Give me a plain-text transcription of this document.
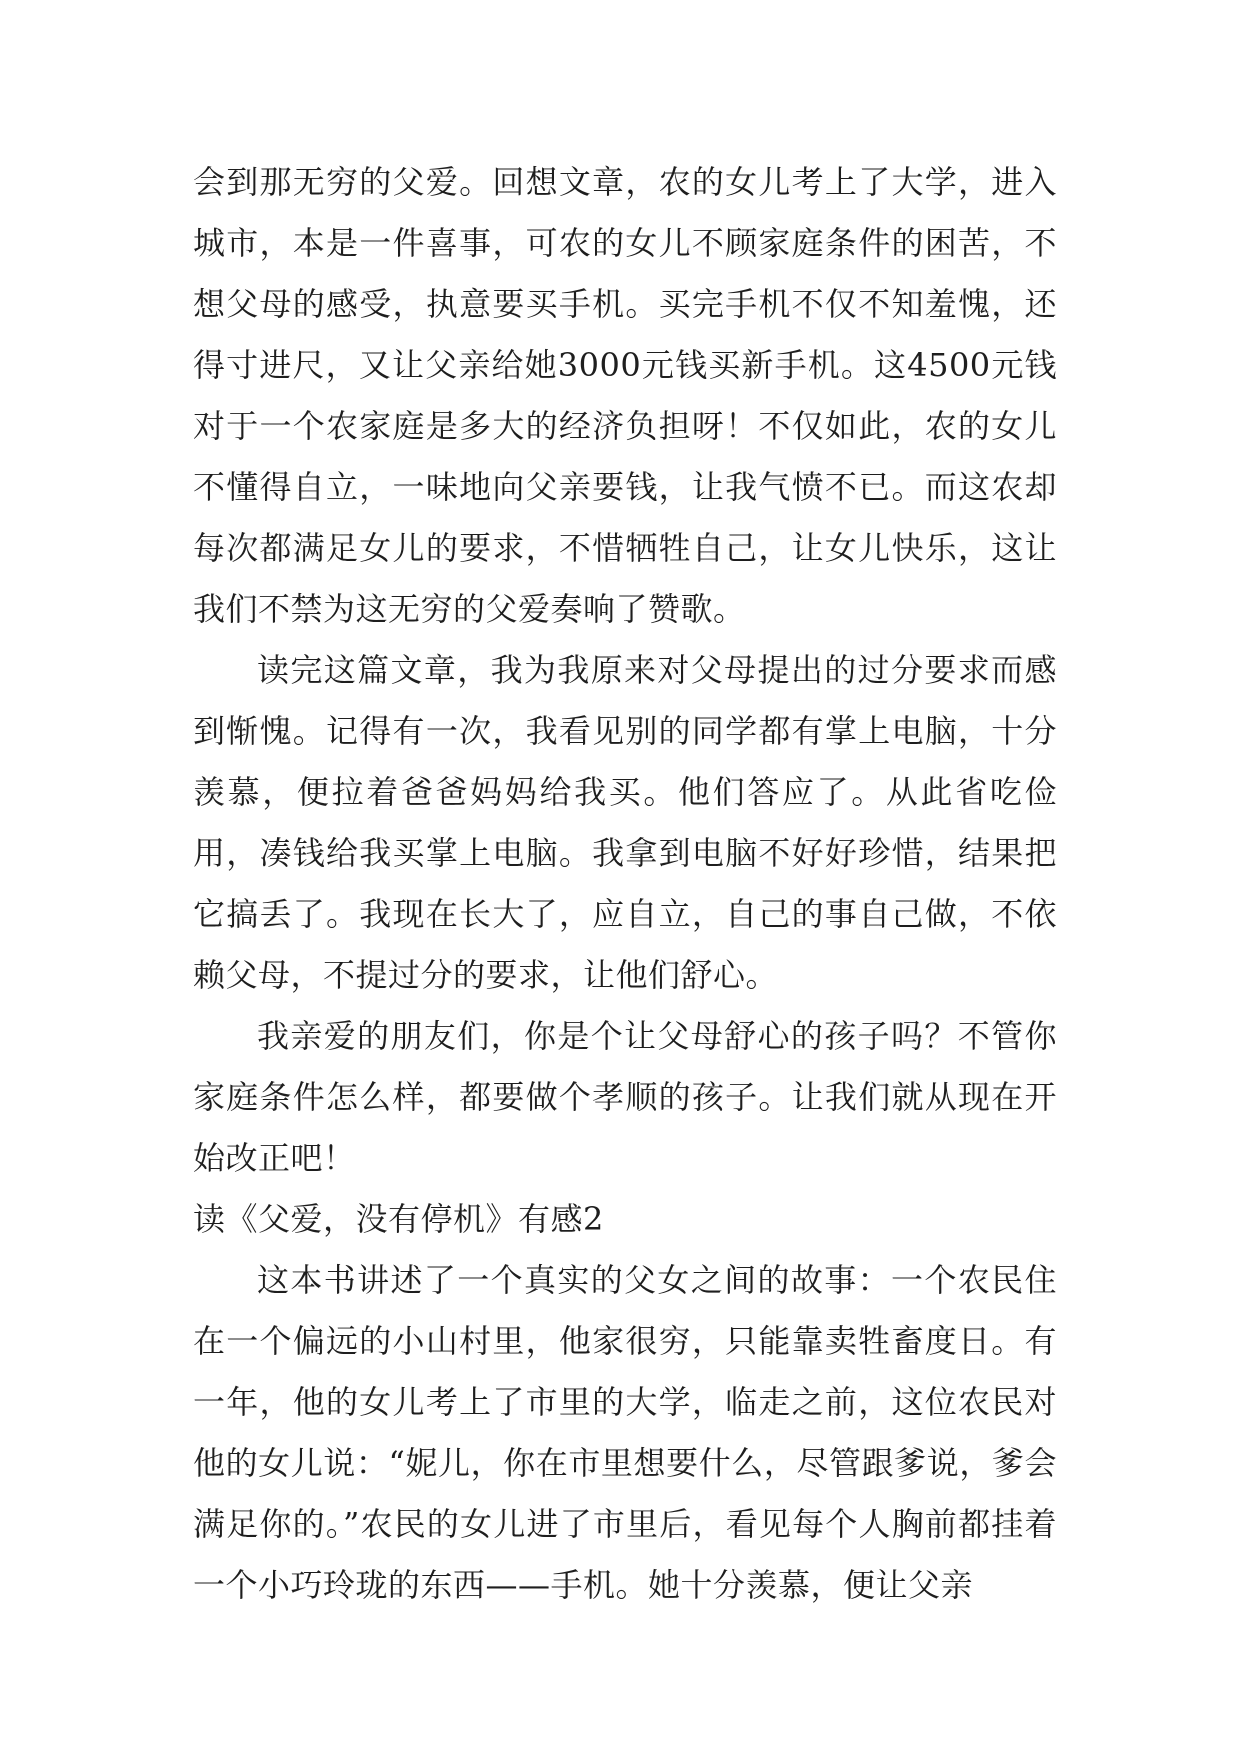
会到那无穷的父爱。回想文章，农的女儿考上了大学，进入城市，本是一件喜事，可农的女儿不顾家庭条件的困苦，不想父母的感受，执意要买手机。买完手机不仅不知羞愧，还得寸进尺，又让父亲给她3000元钱买新手机。这4500元钱对于一个农家庭是多大的经济负担呀！不仅如此，农的女儿不懂得自立，一味地向父亲要钱，让我气愤不已。而这农却每次都满足女儿的要求，不惜牺牲自己，让女儿快乐，这让我们不禁为这无穷的父爱奏响了赞歌。

读完这篇文章，我为我原来对父母提出的过分要求而感到惭愧。记得有一次，我看见别的同学都有掌上电脑，十分羡慕，便拉着爸爸妈妈给我买。他们答应了。从此省吃俭用，凑钱给我买掌上电脑。我拿到电脑不好好珍惜，结果把它搞丢了。我现在长大了，应自立，自己的事自己做，不依赖父母，不提过分的要求，让他们舒心。

我亲爱的朋友们，你是个让父母舒心的孩子吗？不管你家庭条件怎么样，都要做个孝顺的孩子。让我们就从现在开始改正吧！

读《父爱，没有停机》有感2

这本书讲述了一个真实的父女之间的故事：一个农民住在一个偏远的小山村里，他家很穷，只能靠卖牲畜度日。有一年，他的女儿考上了市里的大学，临走之前，这位农民对他的女儿说：“妮儿，你在市里想要什么，尽管跟爹说，爹会满足你的。”农民的女儿进了市里后，看见每个人胸前都挂着一个小巧玲珑的东西——手机。她十分羡慕，便让父亲
